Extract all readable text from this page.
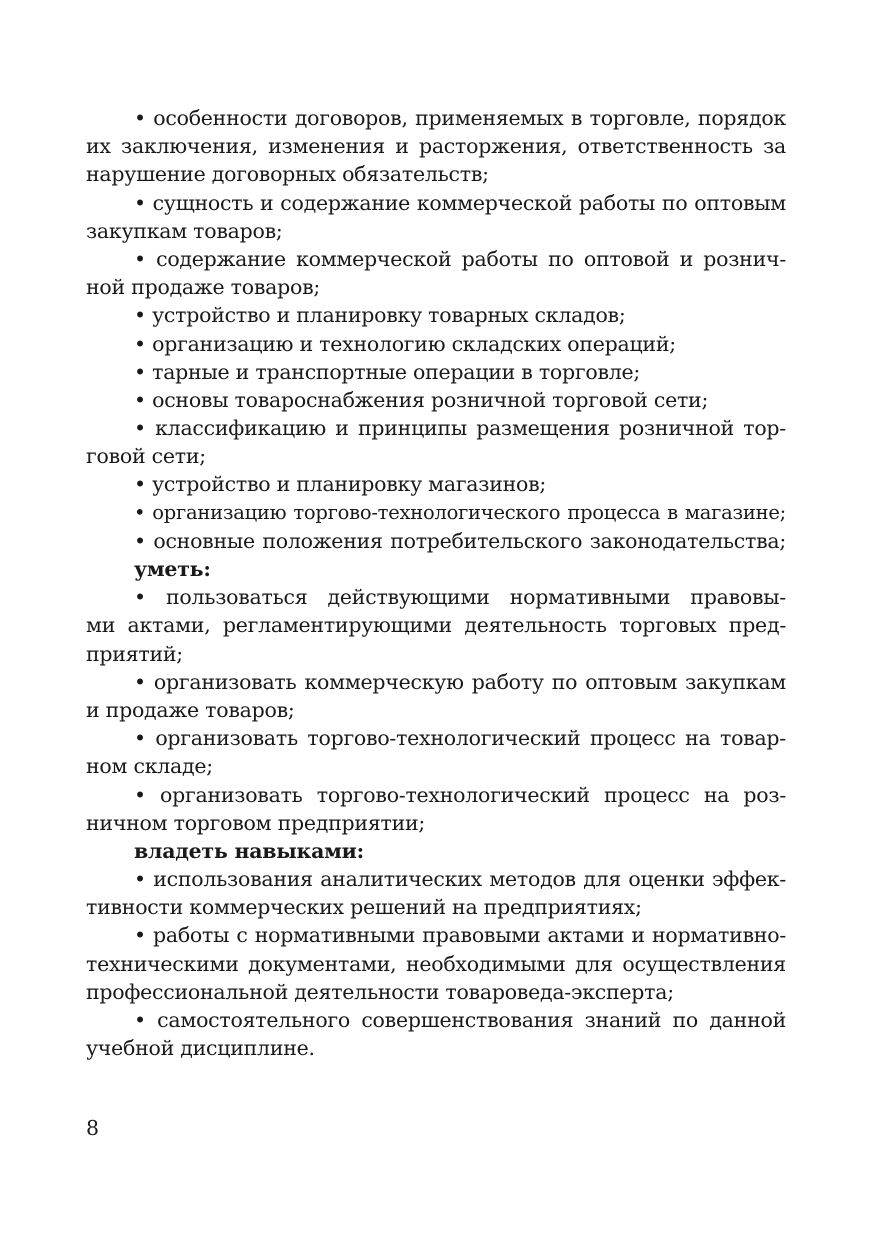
• особенности договоров, применяемых в торговле, порядок
их заключения, изменения и расторжения, ответственность за
нарушение договорных обязательств;
• сущность и содержание коммерческой работы по оптовым
закупкам товаров;
• содержание коммерческой работы по оптовой и рознич-
ной продаже товаров;
• устройство и планировку товарных складов;
• организацию и технологию складских операций;
• тарные и транспортные операции в торговле;
• основы товароснабжения розничной торговой сети;
• классификацию и принципы размещения розничной тор-
говой сети;
• устройство и планировку магазинов;
• организацию торгово-технологического процесса в магазине;
• основные положения потребительского законодательства;
уметь:
• пользоваться действующими нормативными правовы-
ми актами, регламентирующими деятельность торговых пред-
приятий;
• организовать коммерческую работу по оптовым закупкам
и продаже товаров;
• организовать торгово-технологический процесс на товар-
ном складе;
• организовать торгово-технологический процесс на роз-
ничном торговом предприятии;
владеть навыками:
• использования аналитических методов для оценки эффек-
тивности коммерческих решений на предприятиях;
• работы с нормативными правовыми актами и нормативно-
техническими документами, необходимыми для осуществления
профессиональной деятельности товароведа-эксперта;
• самостоятельного совершенствования знаний по данной
учебной дисциплине.
8
